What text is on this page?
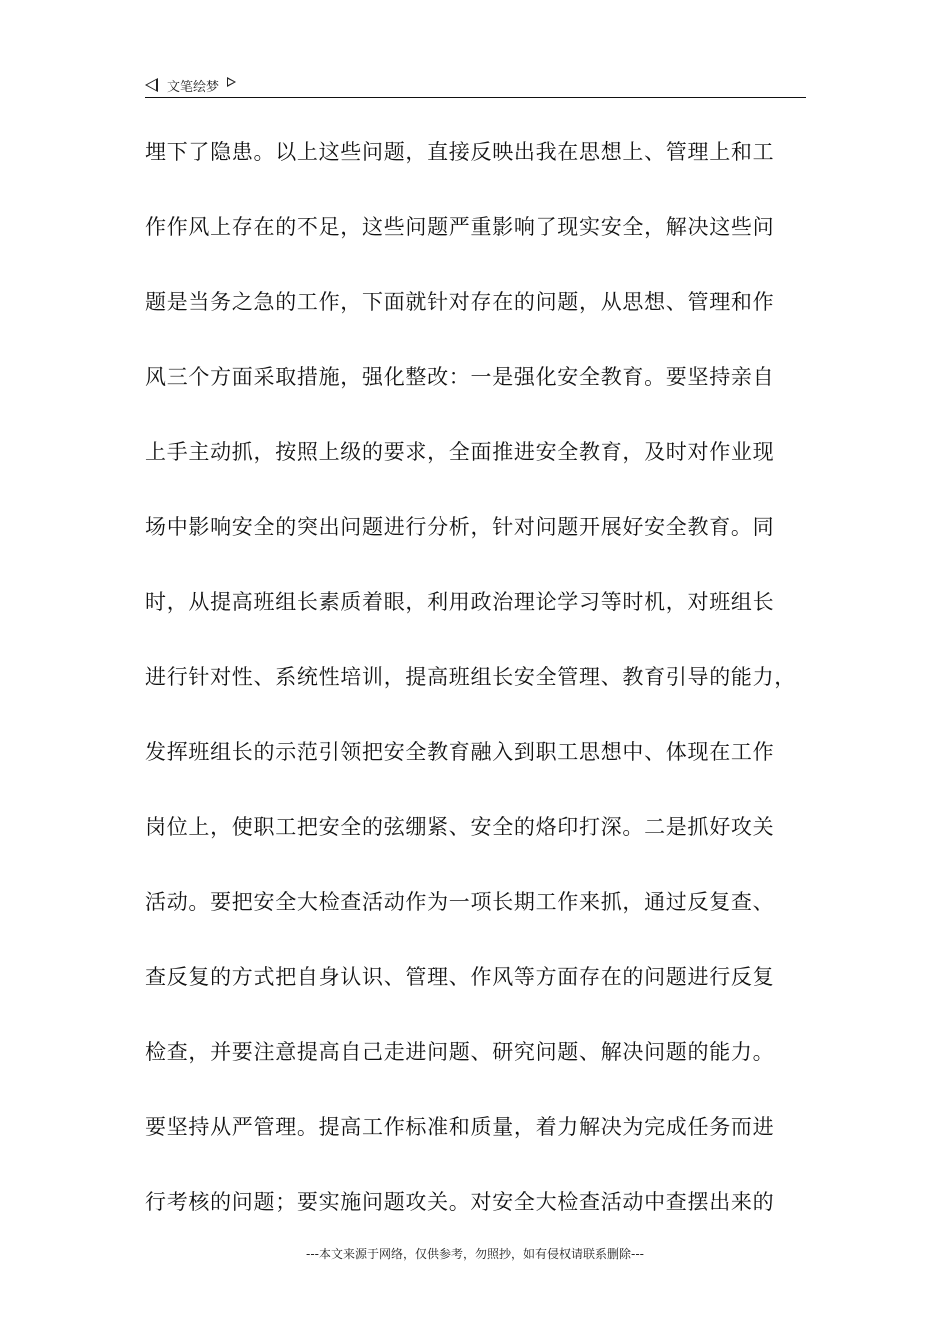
文笔绘梦
埋下了隐患。以上这些问题，直接反映出我在思想上、管理上和工
作作风上存在的不足，这些问题严重影响了现实安全，解决这些问
题是当务之急的工作，下面就针对存在的问题，从思想、管理和作
风三个方面采取措施，强化整改：一是强化安全教育。要坚持亲自
上手主动抓，按照上级的要求，全面推进安全教育，及时对作业现
场中影响安全的突出问题进行分析，针对问题开展好安全教育。同
时，从提高班组长素质着眼，利用政治理论学习等时机，对班组长
进行针对性、系统性培训，提高班组长安全管理、教育引导的能力，
发挥班组长的示范引领把安全教育融入到职工思想中、体现在工作
岗位上，使职工把安全的弦绷紧、安全的烙印打深。二是抓好攻关
活动。要把安全大检查活动作为一项长期工作来抓，通过反复查、
查反复的方式把自身认识、管理、作风等方面存在的问题进行反复
检查，并要注意提高自己走进问题、研究问题、解决问题的能力。
要坚持从严管理。提高工作标准和质量，着力解决为完成任务而进
行考核的问题；要实施问题攻关。对安全大检查活动中查摆出来的
---本文来源于网络，仅供参考，勿照抄，如有侵权请联系删除---
